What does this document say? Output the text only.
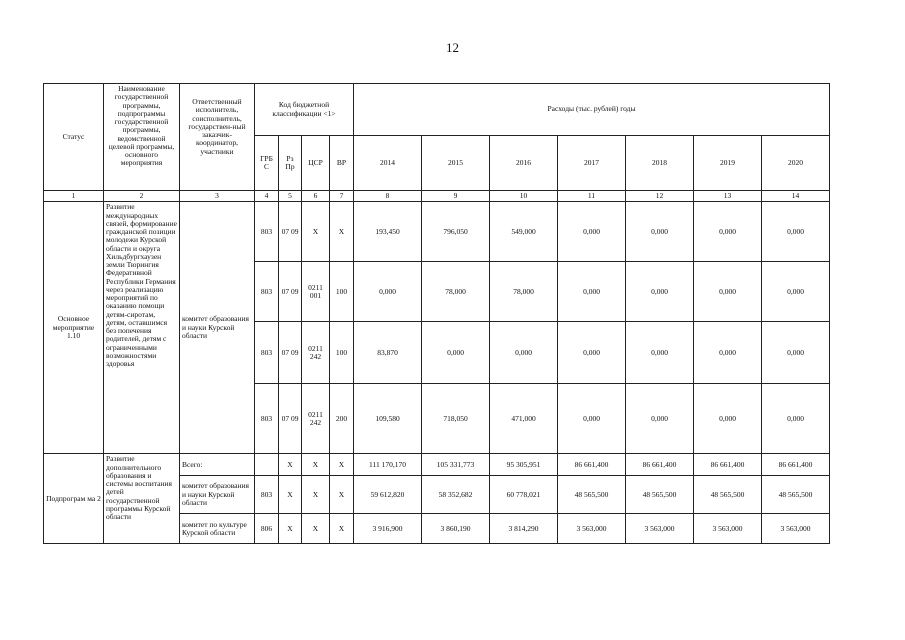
12
Статус	Наименование государственной программы, подпрограммы государственной программы, ведомственной целевой программы, основного мероприятия	Ответственный исполнитель, соисполнитель, государствен-ный заказчик-координатор, участники	Код бюджетной классификации <1>				Расходы (тыс. рублей) годы						
			ГРБ С	Рз Пр	ЦСР	ВР	2014	2015	2016	2017	2018	2019	2020
1	2	3	4	5	6	7	8	9	10	11	12	13	14
Основное мероприятие 1.10	Развитие международных связей, формирование гражданской позиции молодежи Курской области и округа Хильдбургхаузен земли Тюрингия Федеративной Республики Германия через реализацию мероприятий по оказанию помощи детям-сиротам, детям, оставшимся без попечения родителей, детям с ограниченными возможностями здоровья	комитет образования и науки Курской области	803	07 09	Х	Х	193,450	796,050	549,000	0,000	0,000	0,000	0,000
			803	07 09	0211 001	100	0,000	78,000	78,000	0,000	0,000	0,000	0,000
			803	07 09	0211 242	100	83,870	0,000	0,000	0,000	0,000	0,000	0,000
			803	07 09	0211 242	200	109,580	718,050	471,000	0,000	0,000	0,000	0,000
Подпрограм ма 2	Развитие дополнительного образования и системы воспитания детей государственной программы Курской области	Всего:		Х	Х	Х	111 170,170	105 331,773	95 305,951	86 661,400	86 661,400	86 661,400	86 661,400
		комитет образования и науки Курской области	803	Х	Х	Х	59 612,820	58 352,682	60 778,021	48 565,500	48 565,500	48 565,500	48 565,500
		комитет по культуре Курской области	806	Х	Х	Х	3 916,900	3 860,190	3 814,290	3 563,000	3 563,000	3 563,000	3 563,000
